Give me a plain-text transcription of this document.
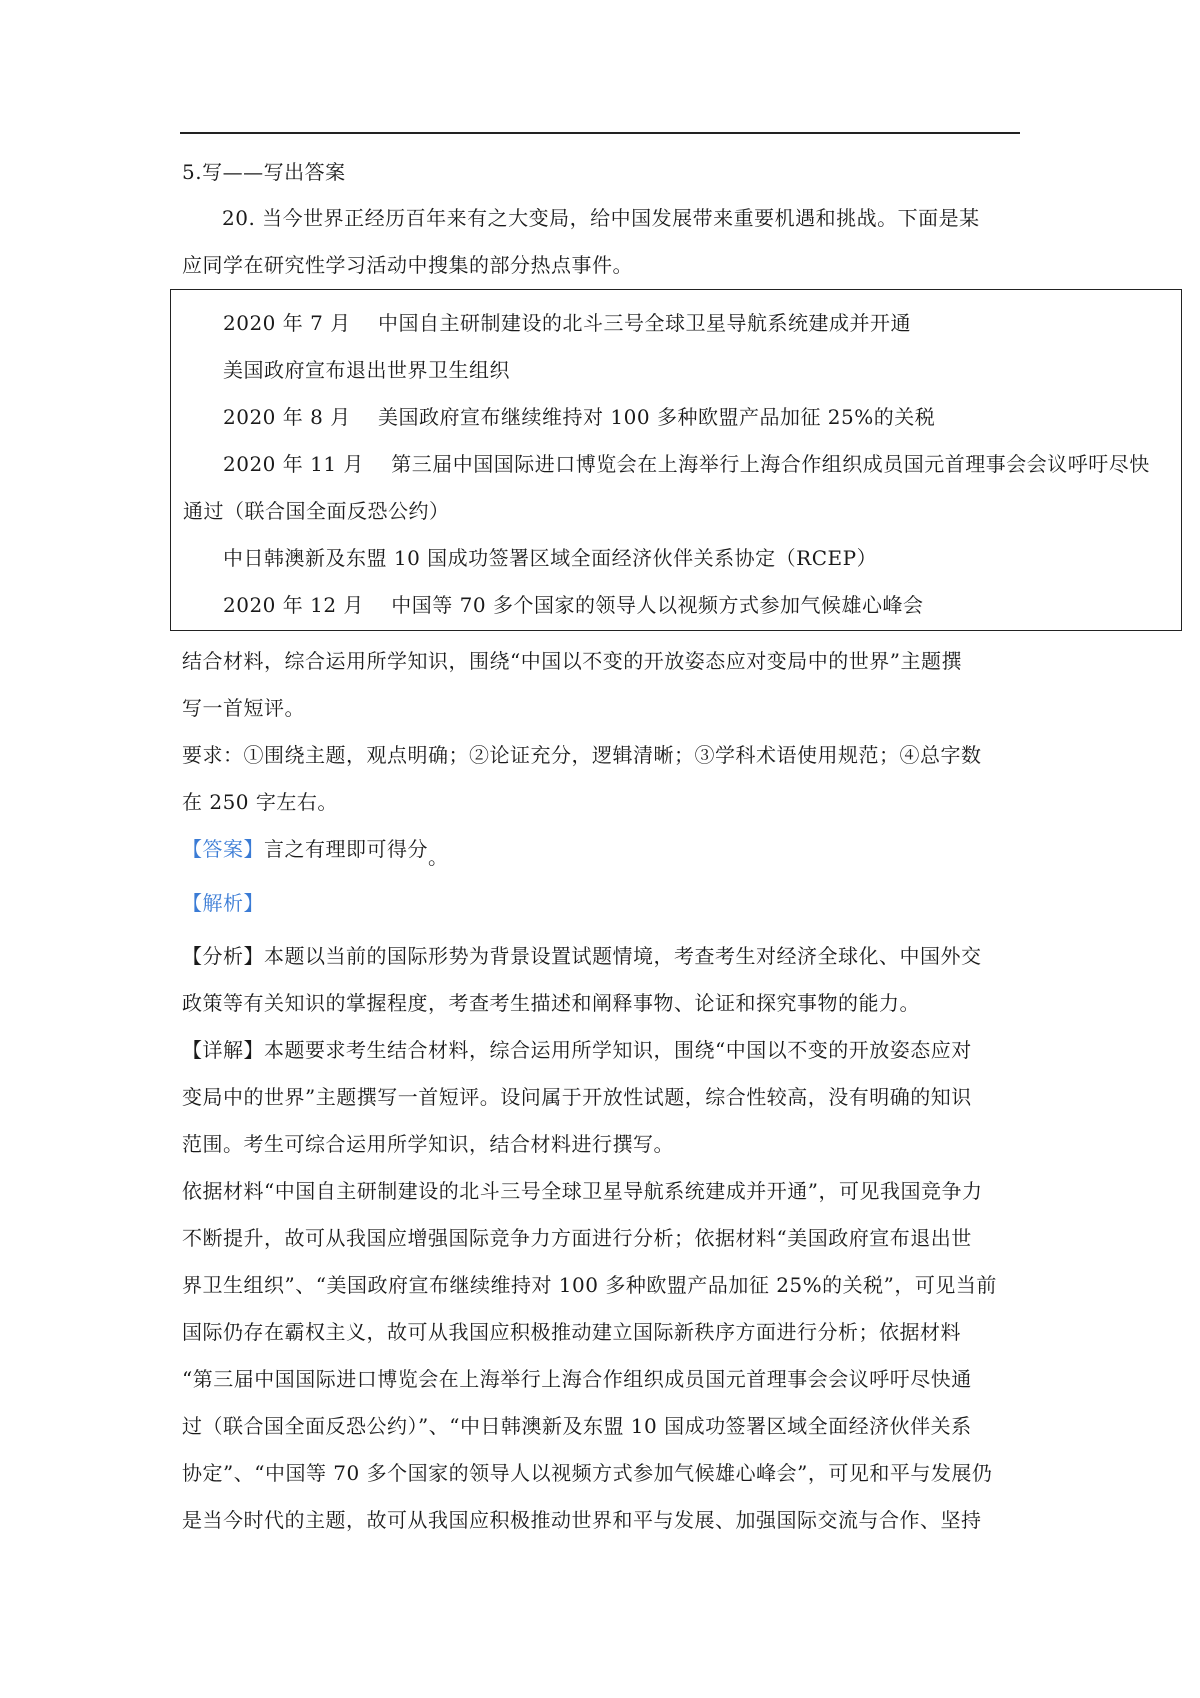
5.写——写出答案
20. 当今世界正经历百年来有之大变局，给中国发展带来重要机遇和挑战。下面是某
应同学在研究性学习活动中搜集的部分热点事件。
2020 年 7 月　 中国自主研制建设的北斗三号全球卫星导航系统建成并开通
美国政府宣布退出世界卫生组织
2020 年 8 月　 美国政府宣布继续维持对 100 多种欧盟产品加征 25%的关税
2020 年 11 月　 第三届中国国际进口博览会在上海举行上海合作组织成员国元首理事会会议呼吁尽快
通过（联合国全面反恐公约）
中日韩澳新及东盟 10 国成功签署区域全面经济伙伴关系协定（RCEP）
2020 年 12 月　 中国等 70 多个国家的领导人以视频方式参加气候雄心峰会
结合材料，综合运用所学知识，围绕“中国以不变的开放姿态应对变局中的世界”主题撰
写一首短评。
要求：①围绕主题，观点明确；②论证充分，逻辑清晰；③学科术语使用规范；④总字数
在 250 字左右。
【答案】言之有理即可得分。
【解析】
【分析】本题以当前的国际形势为背景设置试题情境，考查考生对经济全球化、中国外交
政策等有关知识的掌握程度，考查考生描述和阐释事物、论证和探究事物的能力。
【详解】本题要求考生结合材料，综合运用所学知识，围绕“中国以不变的开放姿态应对
变局中的世界”主题撰写一首短评。设问属于开放性试题，综合性较高，没有明确的知识
范围。考生可综合运用所学知识，结合材料进行撰写。
依据材料“中国自主研制建设的北斗三号全球卫星导航系统建成并开通”，可见我国竞争力
不断提升，故可从我国应增强国际竞争力方面进行分析；依据材料“美国政府宣布退出世
界卫生组织”、“美国政府宣布继续维持对 100 多种欧盟产品加征 25%的关税”，可见当前
国际仍存在霸权主义，故可从我国应积极推动建立国际新秩序方面进行分析；依据材料
“第三届中国国际进口博览会在上海举行上海合作组织成员国元首理事会会议呼吁尽快通
过（联合国全面反恐公约）”、“中日韩澳新及东盟 10 国成功签署区域全面经济伙伴关系
协定”、“中国等 70 多个国家的领导人以视频方式参加气候雄心峰会”，可见和平与发展仍
是当今时代的主题，故可从我国应积极推动世界和平与发展、加强国际交流与合作、坚持
